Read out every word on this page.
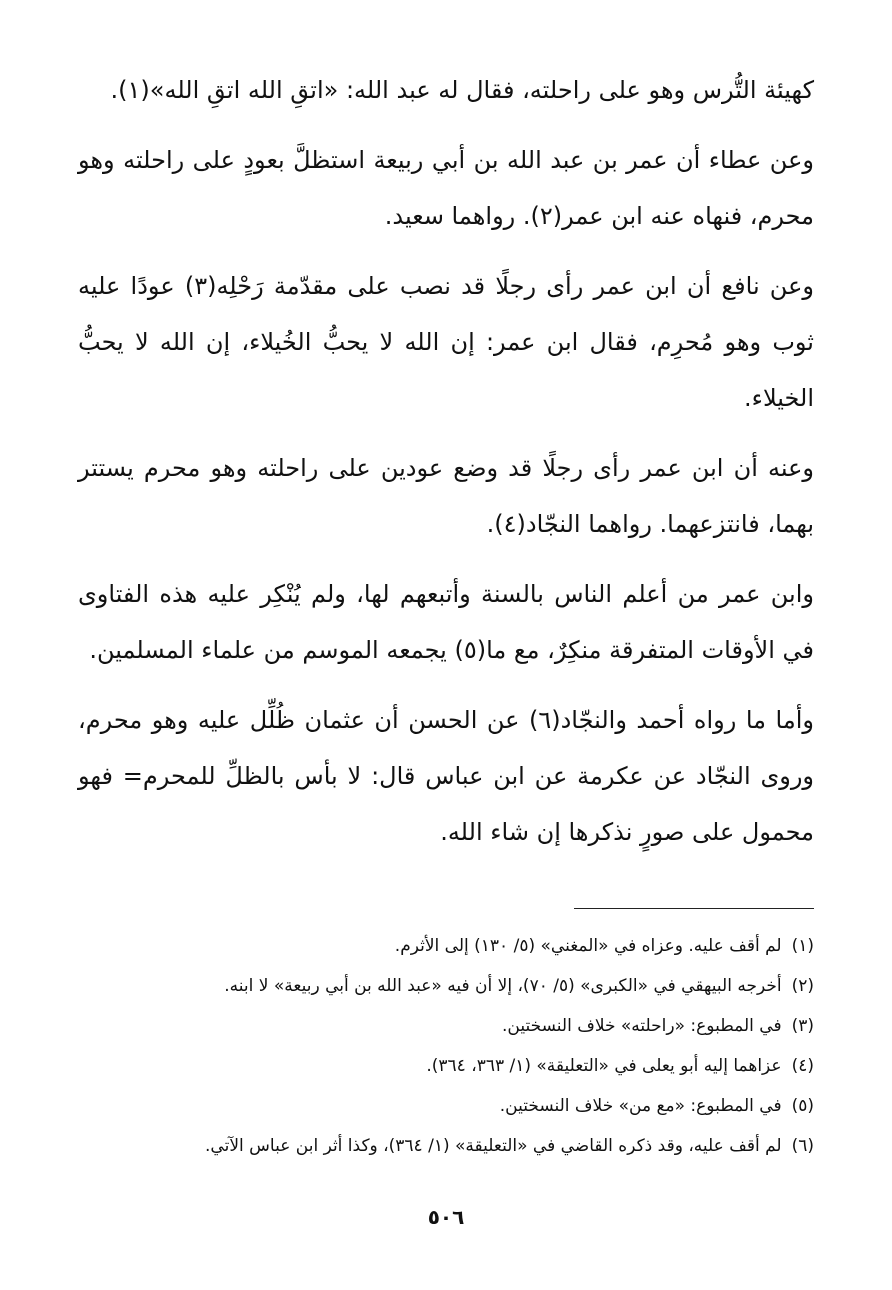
كهيئة التُّرس وهو على راحلته، فقال له عبد الله: «اتقِ الله اتقِ الله»(١).

وعن عطاء أن عمر بن عبد الله بن أبي ربيعة استظلَّ بعودٍ على راحلته وهو محرم، فنهاه عنه ابن عمر(٢). رواهما سعيد.

وعن نافع أن ابن عمر رأى رجلًا قد نصب على مقدّمة رَحْلِه(٣) عودًا عليه ثوب وهو مُحرِم، فقال ابن عمر: إن الله لا يحبُّ الخُيلاء، إن الله لا يحبُّ الخيلاء.

وعنه أن ابن عمر رأى رجلًا قد وضع عودين على راحلته وهو محرم يستتر بهما، فانتزعهما. رواهما النجّاد(٤).

وابن عمر من أعلم الناس بالسنة وأتبعهم لها، ولم يُنْكِر عليه هذه الفتاوى في الأوقات المتفرقة منكِرٌ، مع ما(٥) يجمعه الموسم من علماء المسلمين.

وأما ما رواه أحمد والنجّاد(٦) عن الحسن أن عثمان ظُلِّل عليه وهو محرم، وروى النجّاد عن عكرمة عن ابن عباس قال: لا بأس بالظلِّ للمحرم= فهو محمول على صورٍ نذكرها إن شاء الله.

(١)لم أقف عليه. وعزاه في «المغني» (٥/ ١٣٠) إلى الأثرم.
(٢)أخرجه البيهقي في «الكبرى» (٥/ ٧٠)، إلا أن فيه «عبد الله بن أبي ربيعة» لا ابنه.
(٣)في المطبوع: «راحلته» خلاف النسختين.
(٤)عزاهما إليه أبو يعلى في «التعليقة» (١/ ٣٦٣، ٣٦٤).
(٥)في المطبوع: «مع من» خلاف النسختين.
(٦)لم أقف عليه، وقد ذكره القاضي في «التعليقة» (١/ ٣٦٤)، وكذا أثر ابن عباس الآتي.
٥٠٦
